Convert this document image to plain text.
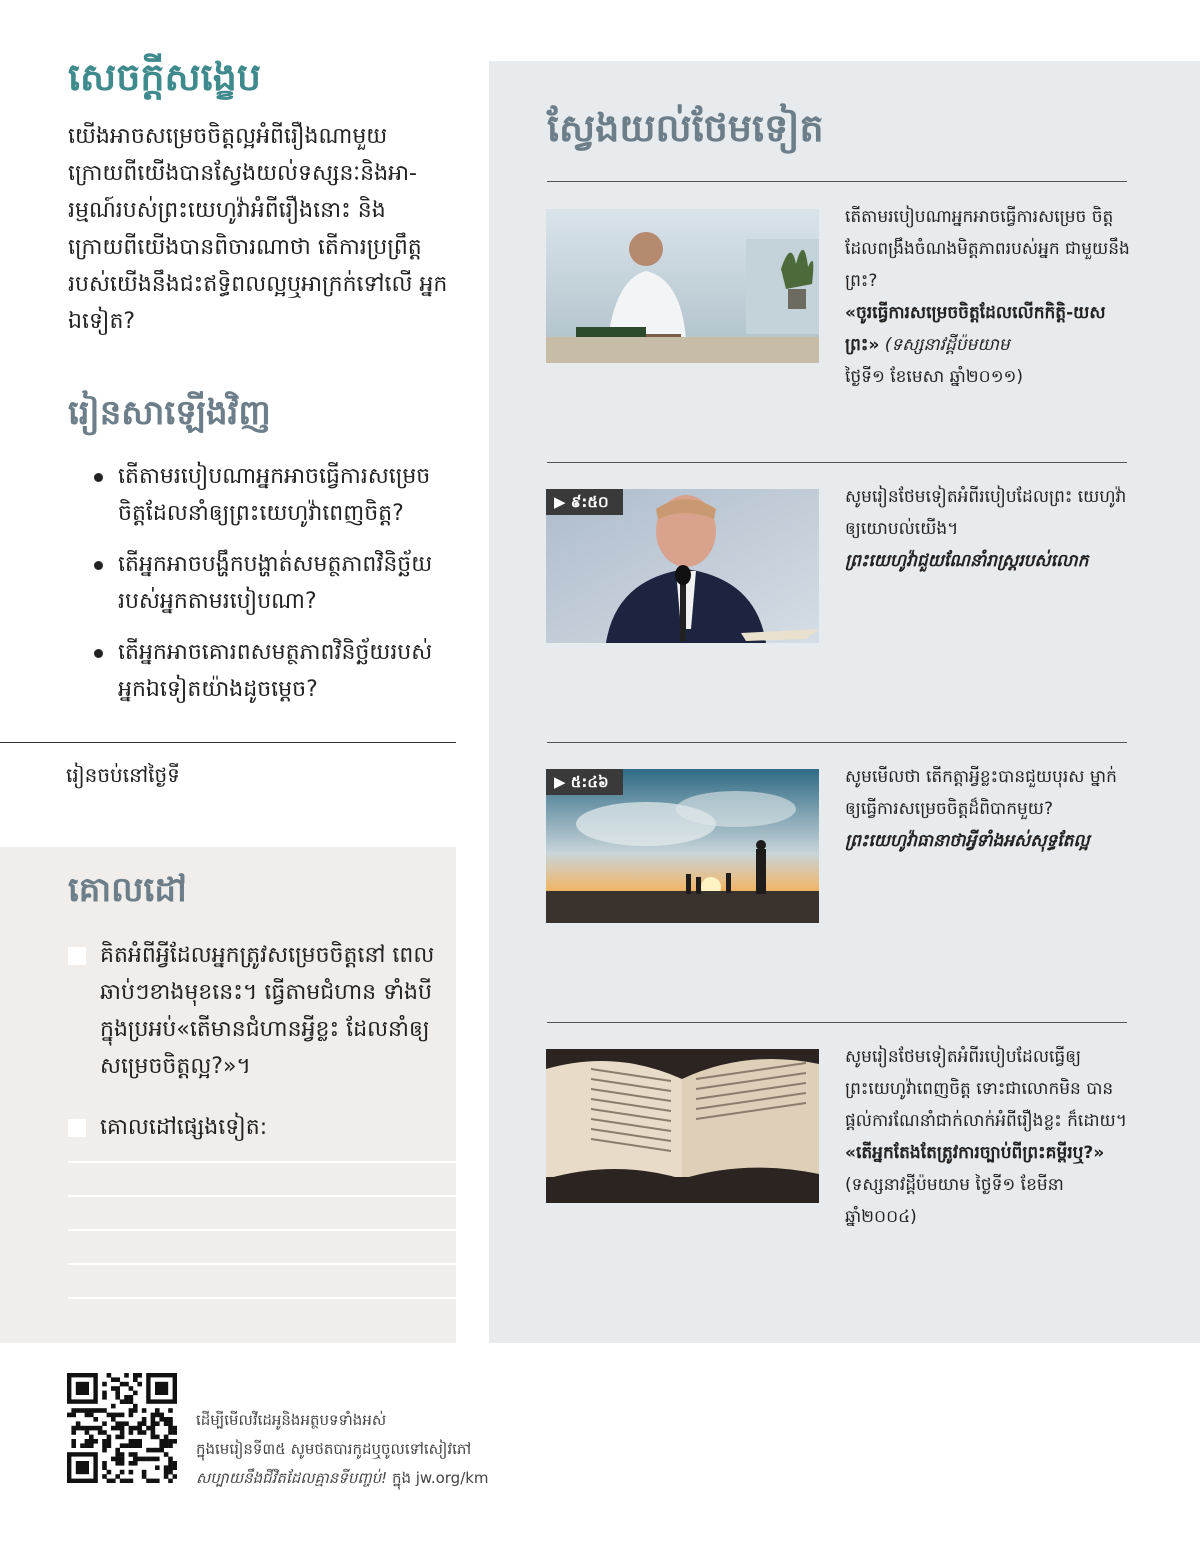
សេចក្ដីសង្ខេប

យើងអាចសម្រេចចិត្តល្អអំពីរឿងណាមួយ ក្រោយពីយើងបានស្វែងយល់ទស្សនៈនិងអា-រម្មណ៍របស់ព្រះយេហូវ៉ាអំពីរឿងនោះ និង ក្រោយពីយើងបានពិចារណាថា តើការប្រព្រឹត្ត របស់យើងនឹងជះឥទ្ធិពលល្អឬអាក្រក់ទៅលើ អ្នកឯទៀត?

រៀនសាឡើងវិញ
តើតាមរបៀបណាអ្នកអាចធ្វើការសម្រេច ចិត្តដែលនាំឲ្យព្រះយេហូវ៉ាពេញចិត្ត?
តើអ្នកអាចបង្ហឹកបង្ហាត់សមត្ថភាពវិនិច្ឆ័យ របស់អ្នកតាមរបៀបណា?
តើអ្នកអាចគោរពសមត្ថភាពវិនិច្ឆ័យរបស់ អ្នកឯទៀតយ៉ាងដូចម្ដេច?
រៀនចប់នៅថ្ងៃទី
គោលដៅ
គិតអំពីអ្វីដែលអ្នកត្រូវសម្រេចចិត្តនៅ ពេលឆាប់ៗខាងមុខនេះ។ ធ្វើតាមជំហាន ទាំងបីក្នុងប្រអប់«តើមានជំហានអ្វីខ្លះ ដែលនាំឲ្យសម្រេចចិត្តល្អ?»។
គោលដៅផ្សេងទៀត:
ស្វែងយល់ថែមទៀត
តើតាមរបៀបណាអ្នកអាចធ្វើការសម្រេច ចិត្តដែលពង្រឹងចំណងមិត្តភាពរបស់អ្នក ជាមួយនឹងព្រះ?
«ចូរធ្វើការសម្រេចចិត្តដែលលើកកិត្តិ-យសព្រះ» (ទស្សនាវដ្ដីប៉មយាម
ថ្ងៃទី១ ខែមេសា ឆ្នាំ២០១១)
▶ ៩:៥០	សូមរៀនថែមទៀតអំពីរបៀបដែលព្រះ យេហូវ៉ាឲ្យយោបល់យើង។
ព្រះយេហូវ៉ាជួយណែនាំរាស្ត្ររបស់លោក
▶ ៥:៤៦	សូមមើលថា តើកត្តាអ្វីខ្លះបានជួយបុរស ម្នាក់ឲ្យធ្វើការសម្រេចចិត្តដ៏ពិបាកមួយ?
ព្រះយេហូវ៉ាធានាថាអ្វីទាំងអស់សុទ្ធតែល្អ
សូមរៀនថែមទៀតអំពីរបៀបដែលធ្វើឲ្យ ព្រះយេហូវ៉ាពេញចិត្ត ទោះជាលោកមិន បានផ្ដល់ការណែនាំជាក់លាក់អំពីរឿងខ្លះ ក៏ដោយ។
«តើអ្នកតែងតែត្រូវការច្បាប់ពីព្រះគម្ពីរឬ?»
(ទស្សនាវដ្ដីប៉មយាម ថ្ងៃទី១ ខែមីនា ឆ្នាំ២០០៤)
ដើម្បីមើលវីដេអូនិងអត្ថបទទាំងអស់
ក្នុងមេរៀនទី៣៥ សូមថតបារកូដឬចូលទៅសៀវភៅ
សប្បាយនឹងជីវិតដែលគ្មានទីបញ្ចប់! ក្នុង jw.org/km
